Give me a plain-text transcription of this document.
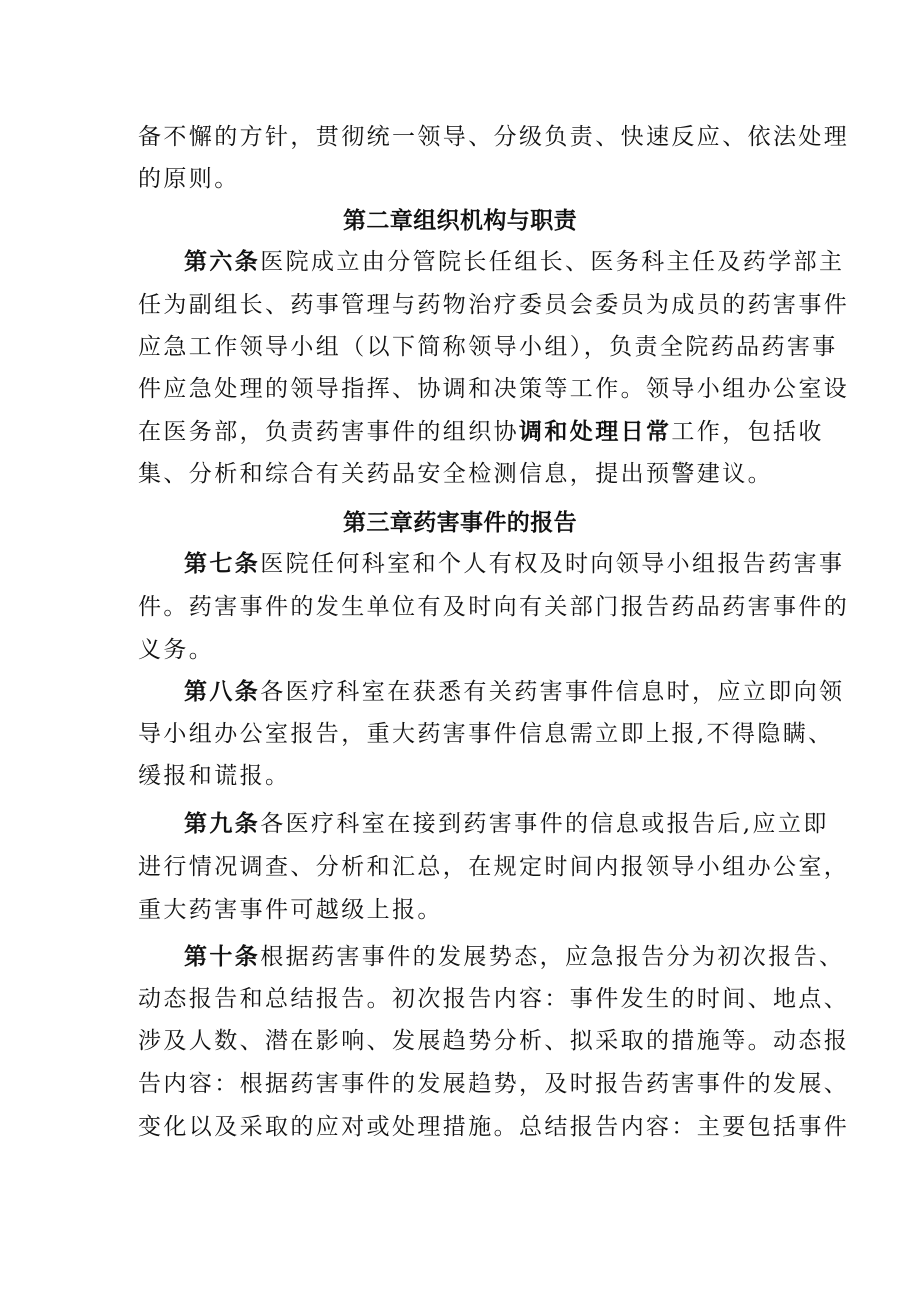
备不懈的方针，贯彻统一领导、分级负责、快速反应、依法处理
的原则。
第二章组织机构与职责
第六条医院成立由分管院长任组长、医务科主任及药学部主
任为副组长、药事管理与药物治疗委员会委员为成员的药害事件
应急工作领导小组（以下简称领导小组），负责全院药品药害事
件应急处理的领导指挥、协调和决策等工作。领导小组办公室设
在医务部，负责药害事件的组织协调和处理日常工作，包括收
集、分析和综合有关药品安全检测信息，提出预警建议。
第三章药害事件的报告
第七条医院任何科室和个人有权及时向领导小组报告药害事
件。药害事件的发生单位有及时向有关部门报告药品药害事件的
义务。
第八条各医疗科室在获悉有关药害事件信息时，应立即向领
导小组办公室报告，重大药害事件信息需立即上报,不得隐瞒、
缓报和谎报。
第九条各医疗科室在接到药害事件的信息或报告后,应立即
进行情况调查、分析和汇总，在规定时间内报领导小组办公室，
重大药害事件可越级上报。
第十条根据药害事件的发展势态，应急报告分为初次报告、
动态报告和总结报告。初次报告内容：事件发生的时间、地点、
涉及人数、潜在影响、发展趋势分析、拟采取的措施等。动态报
告内容：根据药害事件的发展趋势，及时报告药害事件的发展、
变化以及采取的应对或处理措施。总结报告内容：主要包括事件
